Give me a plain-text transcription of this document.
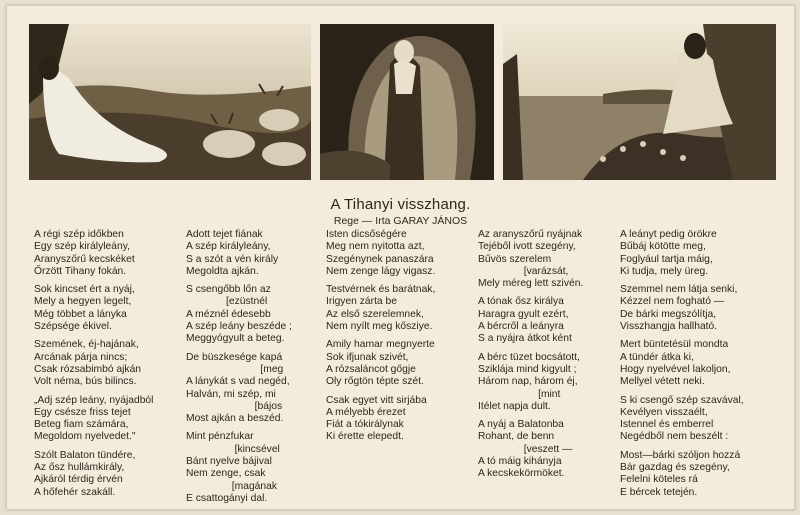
A Tihanyi visszhang.
Rege — Irta GARAY JÁNOS
A régi szép időkben
Egy szép királyleány,
Aranyszőrű kecskéket
Őrzött Tihany fokán.
Sok kincset ért a nyáj,
Mely a hegyen legelt,
Még többet a lányka
Szépsége ékivel.
Szemének, éj-hajának,
Arcának párja nincs;
Csak rózsabimbó ajkán
Volt néma, bús bilincs.
„Adj szép leány, nyájadból
Egy csésze friss tejet
Beteg fiam számára,
Megoldom nyelvedet."
Szólt Balaton tündére,
Az ősz hullámkirály,
Ajkáról térdig érvén
A hőfehér szakáll.
Adott tejet fiának
A szép királyleány,
S a szót a vén király
Megoldta ajkán.
S csengőbb lőn az
[ezüstnél
A méznél édesebb
A szép leány beszéde ;
Meggyógyult a beteg.
De büszkesége kapá
[meg
A lánykát s vad negéd,
Halván, mi szép, mi
[bájos
Most ajkán a beszéd.
Mint pénzfukar
[kincsével
Bánt nyelve bájival
Nem zenge, csak
[magának
E csattogányi dal.
Isten dicsőségére
Meg nem nyitotta azt,
Szegénynek panaszára
Nem zenge lágy vigasz.
Testvérnek és barátnak,
Irigyen zárta be
Az első szerelemnek,
Nem nyílt meg kősziye.
Amily hamar megnyerte
Sok ifjunak szivét,
A rózsaláncot gőgje
Oly rőgtön tépte szét.
Csak egyet vitt sirjába
A mélyebb érezet
Fiát a tókirálynak
Ki érette elepedt.
Az aranyszőrű nyájnak
Tejéből ivott szegény,
Bűvös szerelem
[varázsát,
Mely méreg lett szivén.
A tónak ősz királya
Haragra gyult ezért,
A bércről a leányra
S a nyájra átkot ként
A bérc tüzet bocsátott,
Sziklája mind kigyult ;
Három nap, három éj,
[mint
Itélet napja dult.
A nyáj a Balatonba
Rohant, de benn
[veszett —
A tó máig kihányja
A kecskekörmöket.
A leányt pedig örökre
Bűbáj kötötte meg,
Foglyául tartja máig,
Ki tudja, mely üreg.
Szemmel nem látja senki,
Kézzel nem fogható —
De bárki megszólítja,
Visszhangja hallható.
Mert büntetésül mondta
A tündér átka ki,
Hogy nyelvével lakoljon,
Mellyel vétett neki.
S ki csengő szép szavával,
Kevélyen visszaélt,
Istennel és emberrel
Negédből nem beszélt :
Most—bárki szóljon hozzá
Bár gazdag és szegény,
Felelni köteles rá
E bércek tetején.
